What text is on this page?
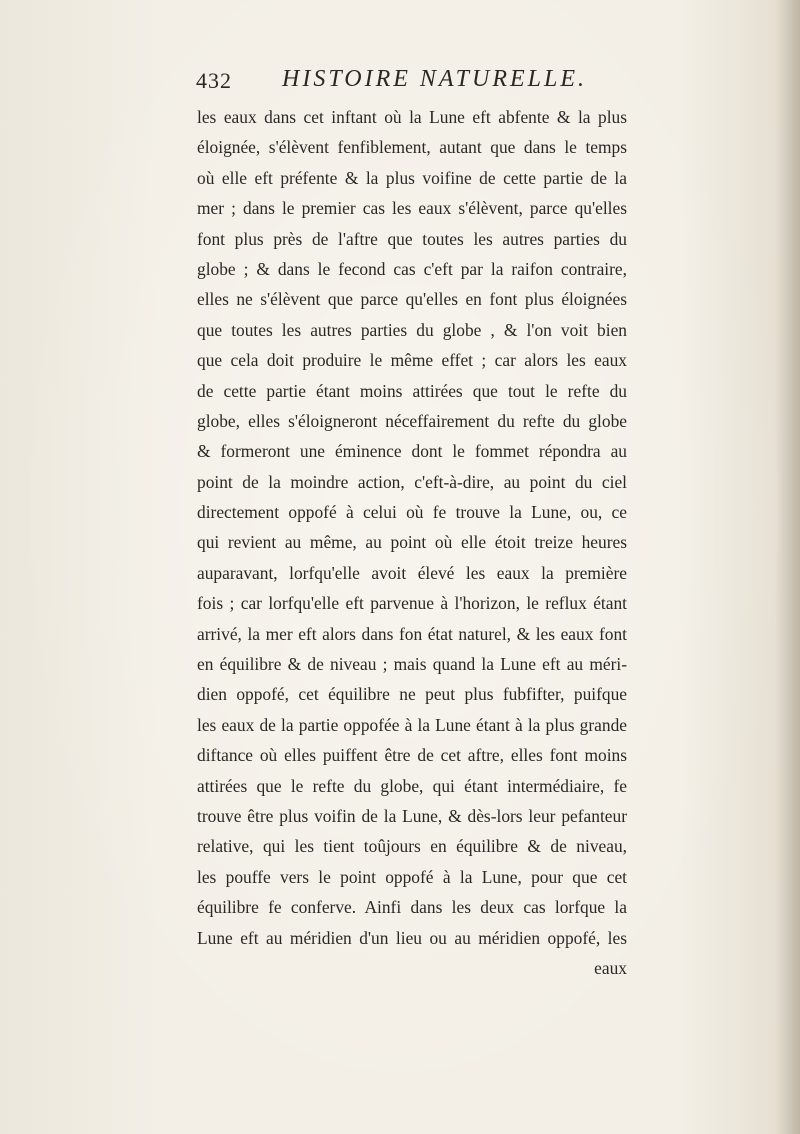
432 HISTOIRE NATURELLE.
les eaux dans cet inftant où la Lune eft abfente & la plus
éloignée, s'élèvent fenfiblement, autant que dans le temps
où elle eft préfente & la plus voifine de cette partie de la
mer ; dans le premier cas les eaux s'élèvent, parce qu'elles
font plus près de l'aftre que toutes les autres parties du
globe ; & dans le fecond cas c'eft par la raifon contraire,
elles ne s'élèvent que parce qu'elles en font plus éloignées
que toutes les autres parties du globe , & l'on voit bien
que cela doit produire le même effet ; car alors les eaux
de cette partie étant moins attirées que tout le refte du
globe, elles s'éloigneront néceffairement du refte du globe
& formeront une éminence dont le fommet répondra au
point de la moindre action, c'eft-à-dire, au point du ciel
directement oppofé à celui où fe trouve la Lune, ou, ce
qui revient au même, au point où elle étoit treize heures
auparavant, lorfqu'elle avoit élevé les eaux la première
fois ; car lorfqu'elle eft parvenue à l'horizon, le reflux étant
arrivé, la mer eft alors dans fon état naturel, & les eaux font
en équilibre & de niveau ; mais quand la Lune eft au méri-
dien oppofé, cet équilibre ne peut plus fubfifter, puifque
les eaux de la partie oppofée à la Lune étant à la plus grande
diftance où elles puiffent être de cet aftre, elles font moins
attirées que le refte du globe, qui étant intermédiaire, fe
trouve être plus voifin de la Lune, & dès-lors leur pefanteur
relative, qui les tient toûjours en équilibre & de niveau,
les pouffe vers le point oppofé à la Lune, pour que cet
équilibre fe conferve. Ainfi dans les deux cas lorfque la
Lune eft au méridien d'un lieu ou au méridien oppofé, les
eaux
